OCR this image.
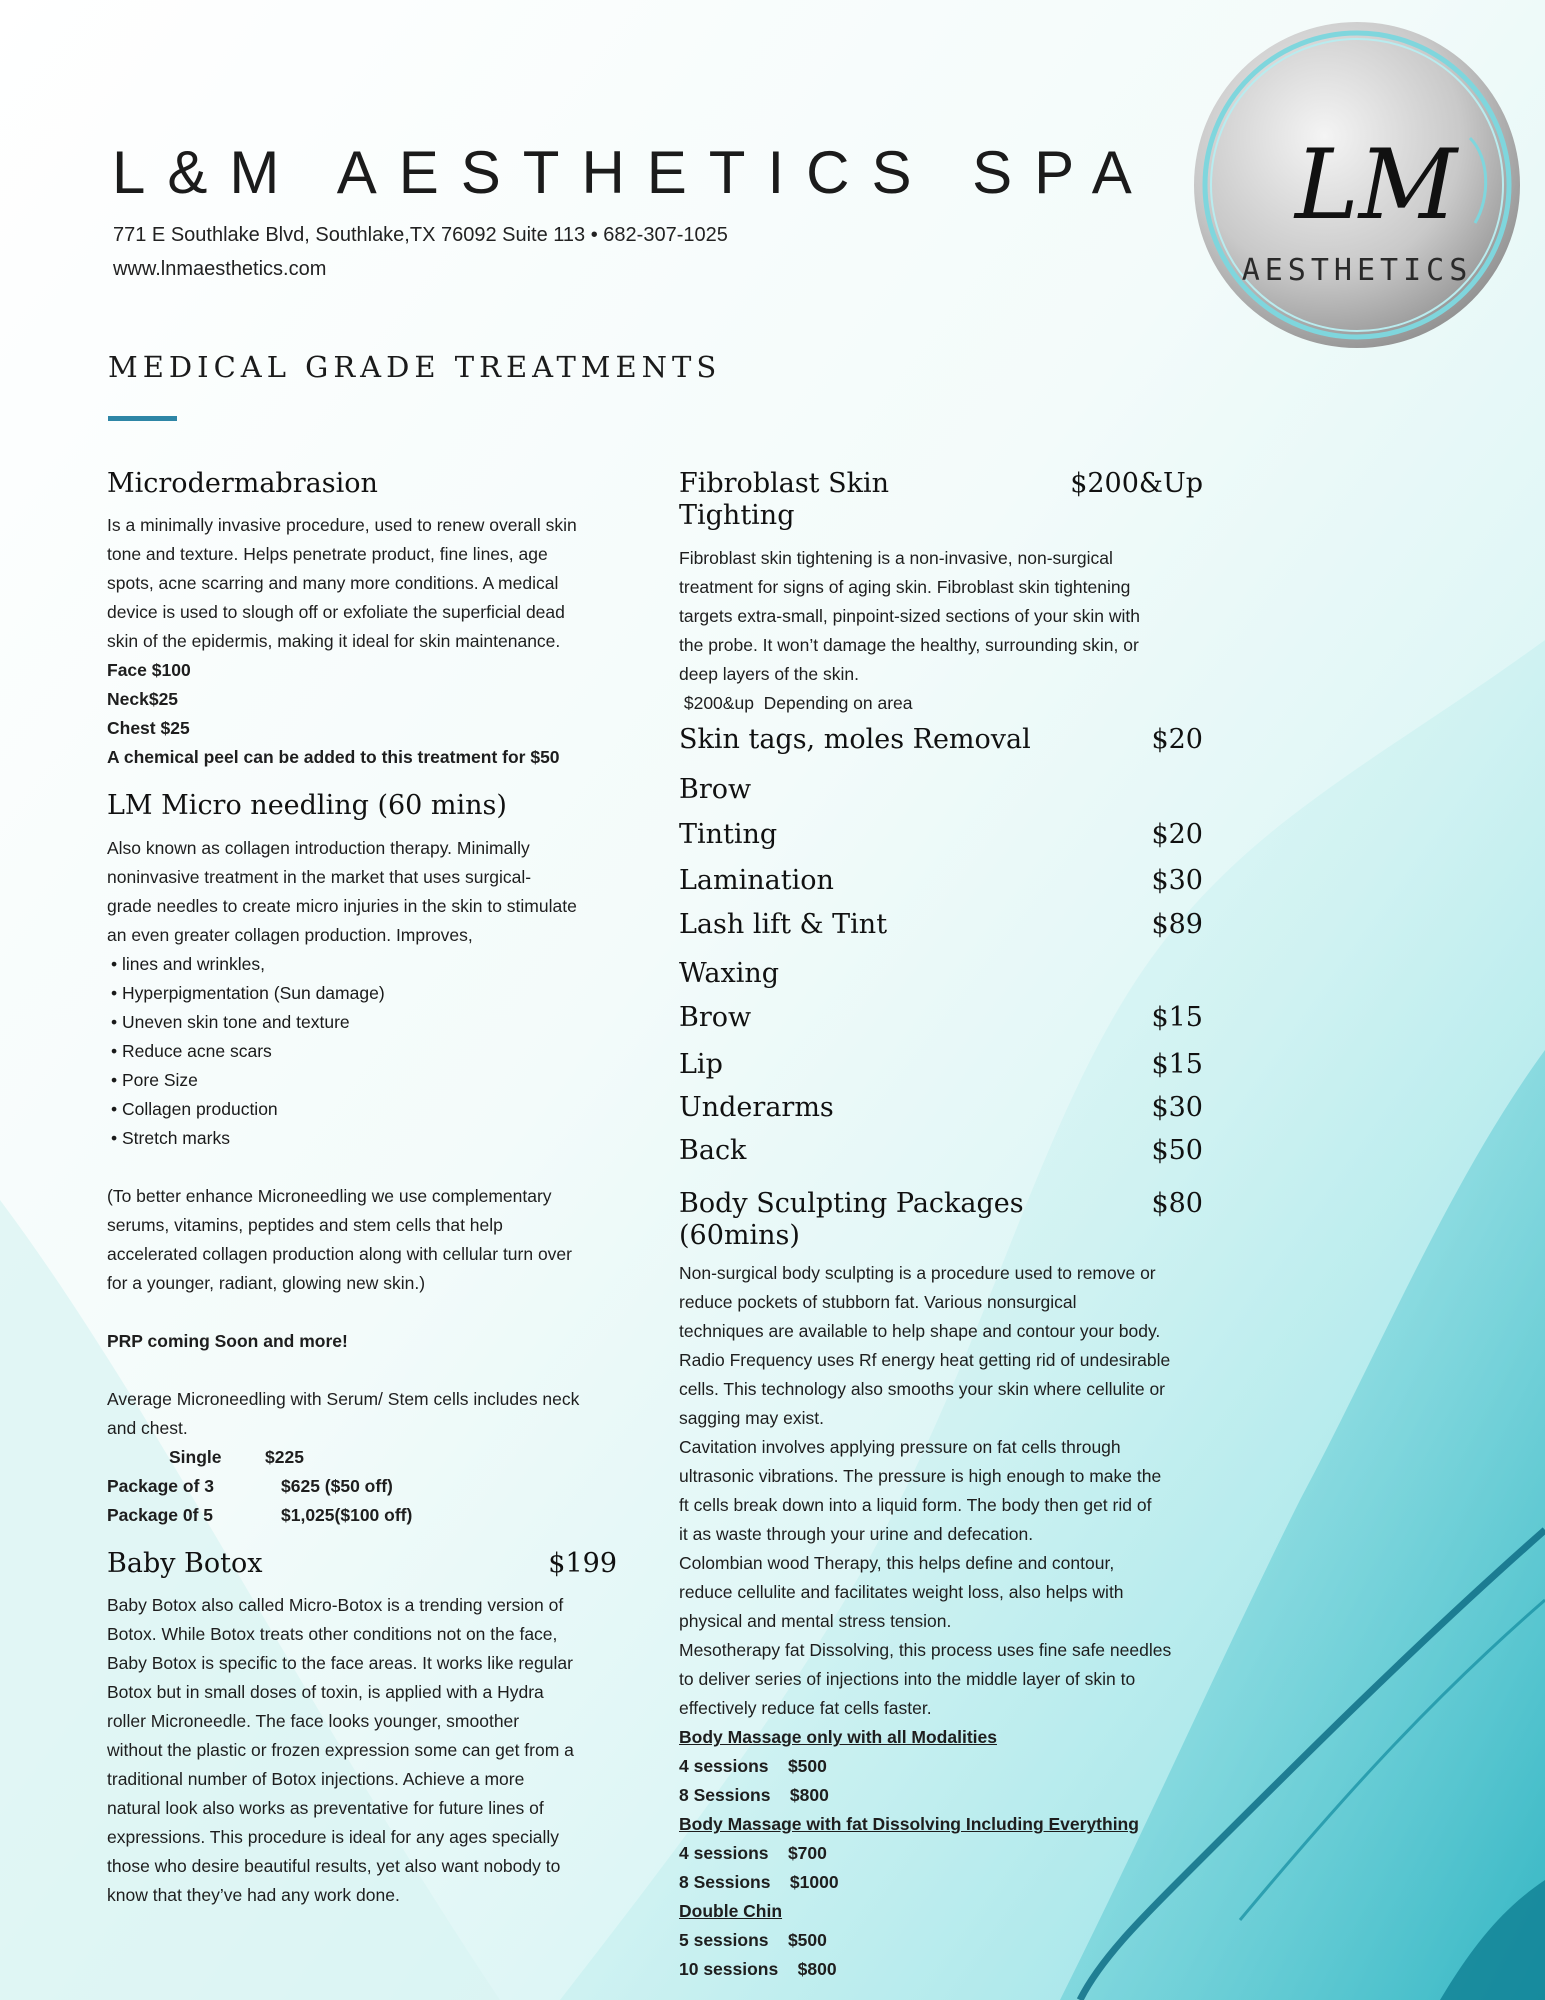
LM
AESTHETICS
L&M AESTHETICS SPA
771 E Southlake Blvd, Southlake,TX 76092 Suite 113 • 682-307-1025
www.lnmaesthetics.com
MEDICAL GRADE TREATMENTS
Microdermabrasion
Is a minimally invasive procedure, used to renew overall skin
tone and texture. Helps penetrate product, fine lines, age
spots, acne scarring and many more conditions. A medical
device is used to slough off or exfoliate the superficial dead
skin of the epidermis, making it ideal for skin maintenance.
Face $100
Neck$25
Chest $25
A chemical peel can be added to this treatment for $50
LM Micro needling (60 mins)
Also known as collagen introduction therapy. Minimally
noninvasive treatment in the market that uses surgical-
grade needles to create micro injuries in the skin to stimulate
an even greater collagen production. Improves,
• lines and wrinkles,
• Hyperpigmentation (Sun damage)
• Uneven skin tone and texture
• Reduce acne scars
• Pore Size
• Collagen production
• Stretch marks
(To better enhance Microneedling we use complementary
serums, vitamins, peptides and stem cells that help
accelerated collagen production along with cellular turn over
for a younger, radiant, glowing new skin.)
PRP coming Soon and more!
Average Microneedling with Serum/ Stem cells includes neck
and chest.
Single $225
Package of 3	$625 ($50 off)
Package 0f 5	$1,025($100 off)
Baby Botox	$199
Baby Botox also called Micro-Botox is a trending version of
Botox. While Botox treats other conditions not on the face,
Baby Botox is specific to the face areas. It works like regular
Botox but in small doses of toxin, is applied with a Hydra
roller Microneedle. The face looks younger, smoother
without the plastic or frozen expression some can get from a
traditional number of Botox injections. Achieve a more
natural look also works as preventative for future lines of
expressions. This procedure is ideal for any ages specially
those who desire beautiful results, yet also want nobody to
know that they’ve had any work done.
Fibroblast Skin Tighting
$200&Up
Fibroblast skin tightening is a non-invasive, non-surgical
treatment for signs of aging skin. Fibroblast skin tightening
targets extra-small, pinpoint-sized sections of your skin with
the probe. It won’t damage the healthy, surrounding skin, or
deep layers of the skin.
$200&up  Depending on area
Skin tags, moles Removal	$20
Brow
Tinting	$20
Lamination	$30
Lash lift & Tint	$89
Waxing
Brow	$15
Lip	$15
Underarms	$30
Back	$50
Body Sculpting Packages (60mins)
$80
Non-surgical body sculpting is a procedure used to remove or
reduce pockets of stubborn fat. Various nonsurgical
techniques are available to help shape and contour your body.
Radio Frequency uses Rf energy heat getting rid of undesirable
cells. This technology also smooths your skin where cellulite or
sagging may exist.
Cavitation involves applying pressure on fat cells through
ultrasonic vibrations. The pressure is high enough to make the
ft cells break down into a liquid form. The body then get rid of
it as waste through your urine and defecation.
Colombian wood Therapy, this helps define and contour,
reduce cellulite and facilitates weight loss, also helps with
physical and mental stress tension.
Mesotherapy fat Dissolving, this process uses fine safe needles
to deliver series of injections into the middle layer of skin to
effectively reduce fat cells faster.
Body Massage only with all Modalities
4 sessions    $500
8 Sessions    $800
Body Massage with fat Dissolving Including Everything
4 sessions    $700
8 Sessions    $1000
Double Chin
5 sessions    $500
10 sessions    $800
